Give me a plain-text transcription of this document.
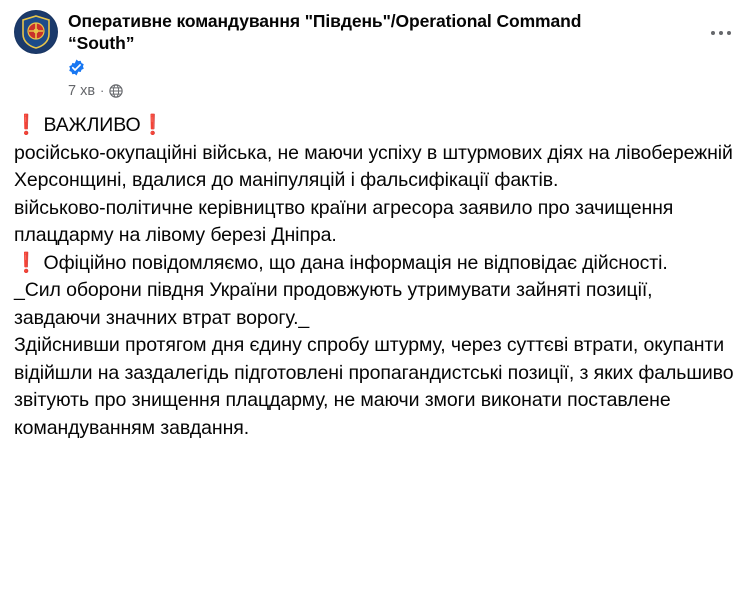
Оперативне командування "Південь"/Operational Command “South”
7 хв ·

❗ ВАЖЛИВО❗

російсько-окупаційні війська, не маючи успіху в штурмових діях на лівобережній Херсонщині, вдалися до маніпуляцій і фальсифікації фактів.

військово-політичне керівництво країни агресора заявило про зачищення плацдарму на лівому березі Дніпра.

❗ Офіційно повідомляємо, що дана інформація не відповідає дійсності.

_Сил оборони півдня України продовжують утримувати зайняті позиції, завдаючи значних втрат ворогу._

Здійснивши протягом дня єдину спробу штурму, через суттєві втрати, окупанти відійшли на заздалегідь підготовлені пропагандистські позиції, з яких фальшиво звітують про знищення плацдарму, не маючи змоги виконати поставлене командуванням завдання.
